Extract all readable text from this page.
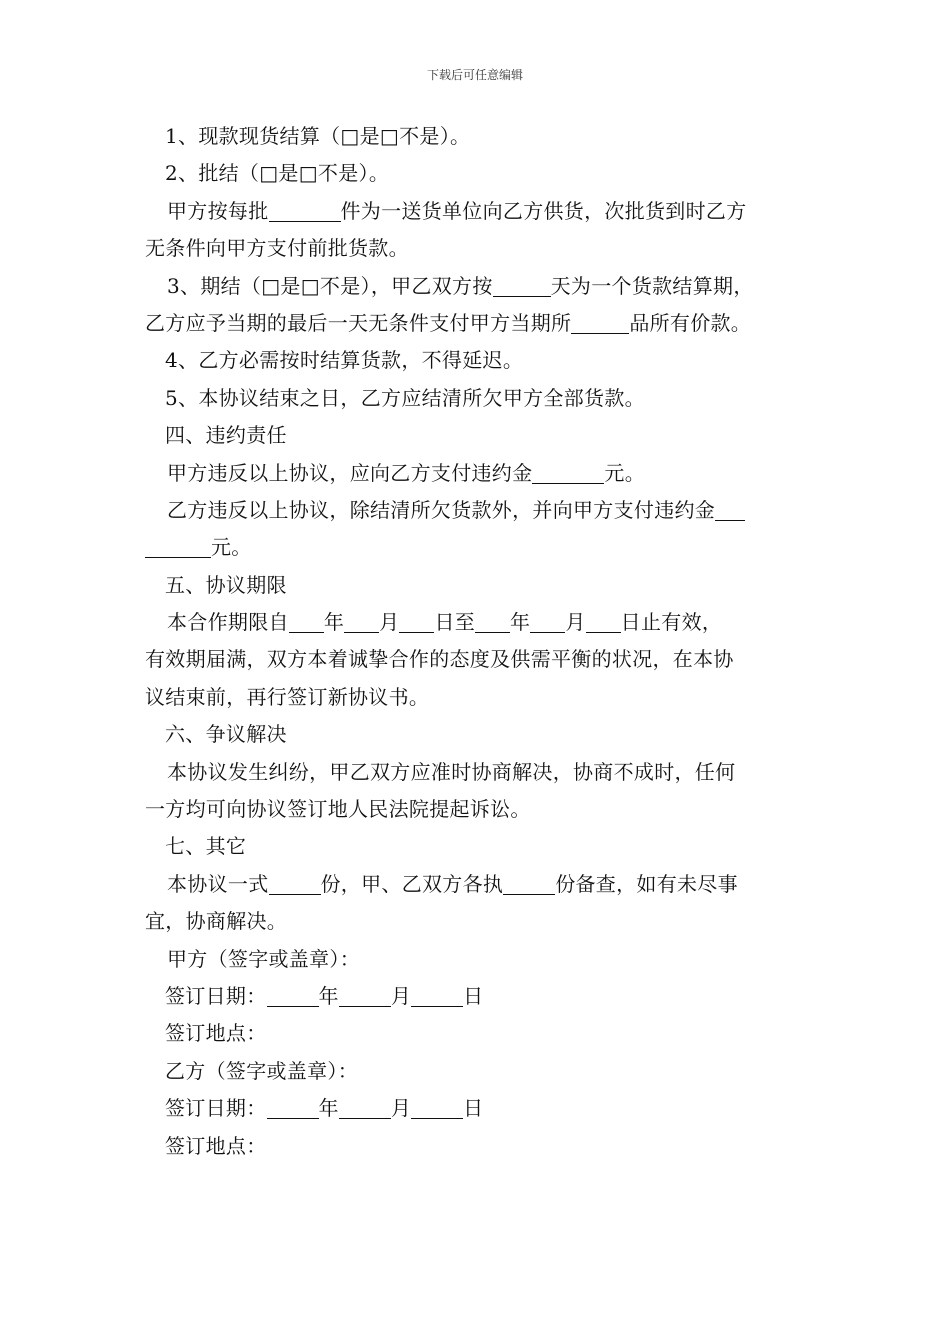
下载后可任意编辑
1、现款现货结算（□是□不是）。
2、批结（□是□不是）。
甲方按每批	件为一送货单位向乙方供货，次批货到时乙方
无条件向甲方支付前批货款。
3、期结（□是□不是），甲乙双方按	天为一个货款结算期，
乙方应予当期的最后一天无条件支付甲方当期所	品所有价款。
4、乙方必需按时结算货款，不得延迟。
5、本协议结束之日，乙方应结清所欠甲方全部货款。
四、违约责任
甲方违反以上协议，应向乙方支付违约金	元。
乙方违反以上协议，除结清所欠货款外，并向甲方支付违约金
元。
五、协议期限
本合作期限自 年 月 日至 年 月 日止有效，
有效期届满，双方本着诚挚合作的态度及供需平衡的状况，在本协
议结束前，再行签订新协议书。
六、争议解决
本协议发生纠纷，甲乙双方应准时协商解决，协商不成时，任何
一方均可向协议签订地人民法院提起诉讼。
七、其它
本协议一式	份，甲、乙双方各执	份备查，如有未尽事
宜，协商解决。
甲方（签字或盖章）：
签订日期：	年	月	日
签订地点：
乙方（签字或盖章）：
签订日期：	年	月	日
签订地点：
